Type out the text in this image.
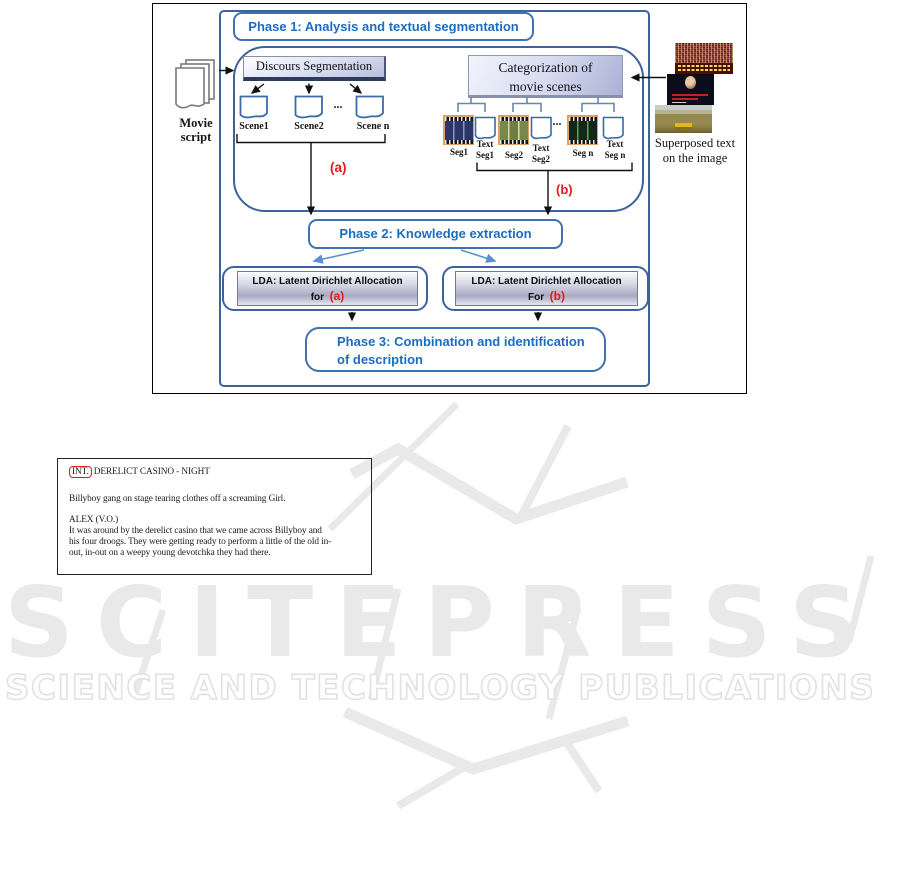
SCITEPRESS
SCIENCE AND TECHNOLOGY PUBLICATIONS
Phase 1: Analysis and textual segmentation
Phase 2: Knowledge extraction
Phase 3: Combination and identification
of description
Discours Segmentation
Movie
script
...
Scene1	Scene2	Scene n
(a)
Categorization of
movie scenes
...
Seg1
Text
Seg1	Seg2
Text
Seg2
Seg n
Text
Seg n
(b)
LDA: Latent Dirichlet Allocation
for (a)
LDA: Latent Dirichlet Allocation
For (b)
Superposed text
on the image
INT. DERELICT CASINO - NIGHT
Billyboy gang on stage tearing clothes off a screaming Girl.
ALEX (V.O.)
It was around by the derelict casino that we came across Billyboy and
his four droogs. They were getting ready to perform a little of the old in-
out, in-out on a weepy young devotchka they had there.
